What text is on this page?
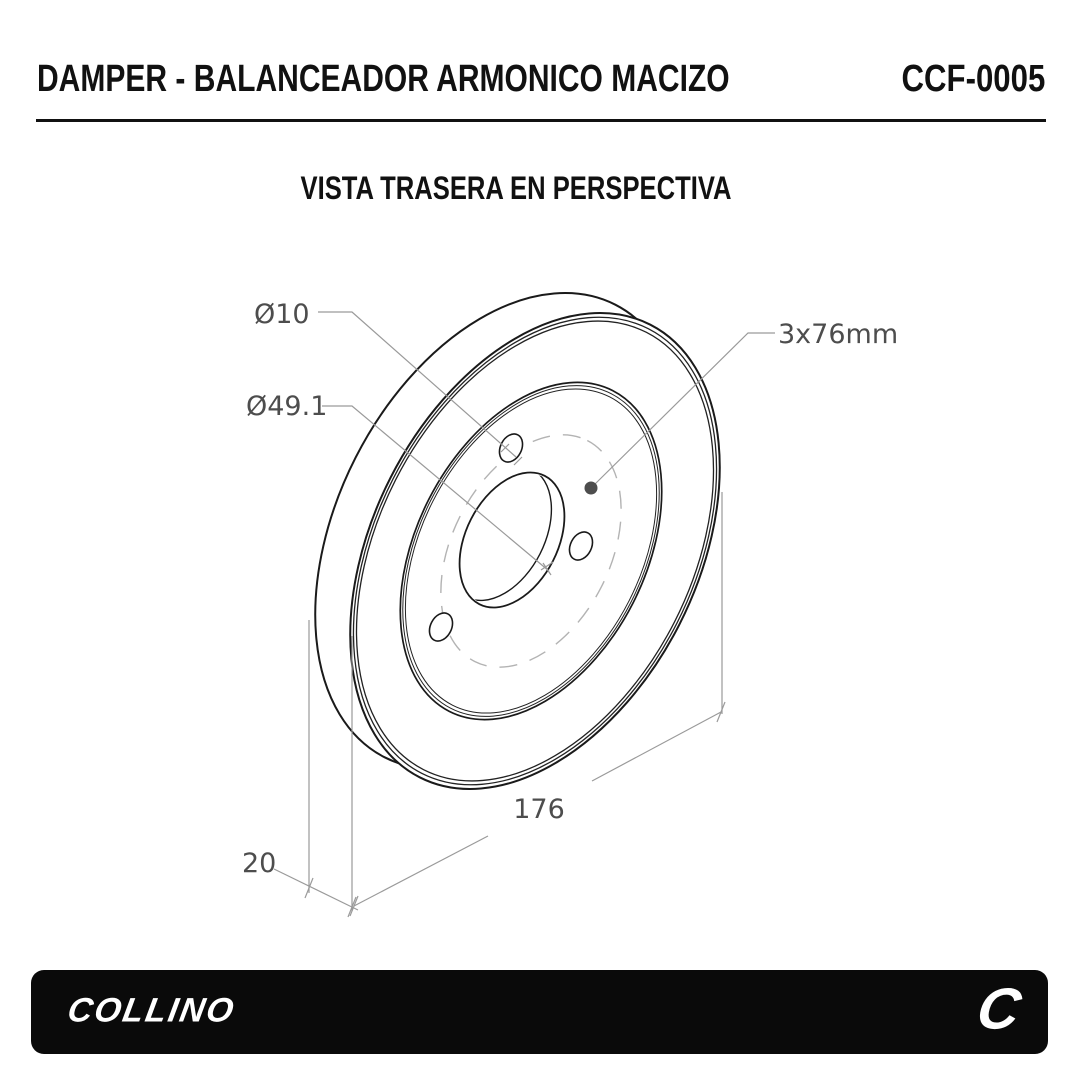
DAMPER - BALANCEADOR ARMONICO MACIZO	CCF-0005
VISTA TRASERA EN PERSPECTIVA
Ø10
Ø49.1
3x76mm
176
20
COLLINO	C
